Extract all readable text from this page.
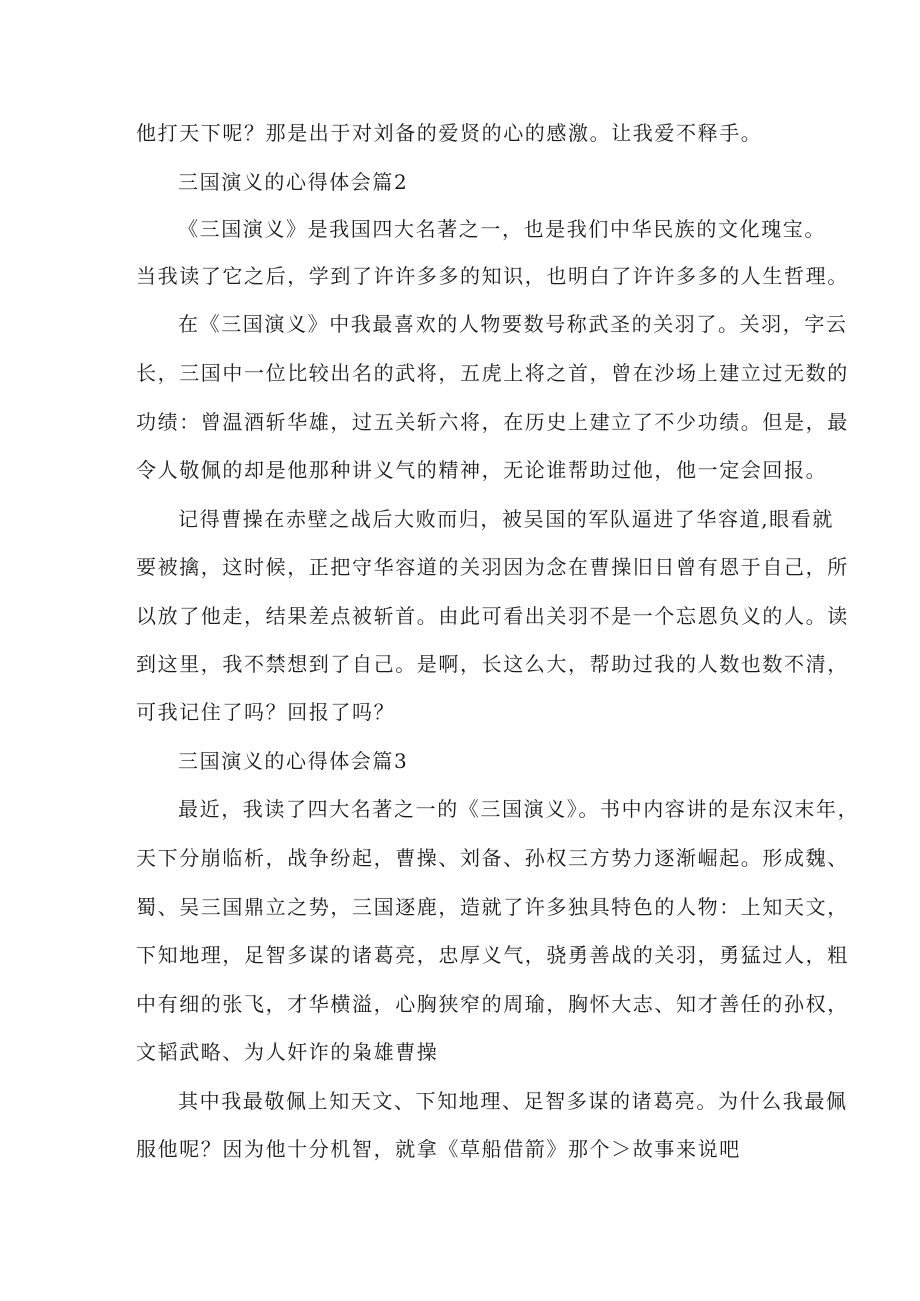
他打天下呢？那是出于对刘备的爱贤的心的感激。让我爱不释手。
三国演义的心得体会篇2
《三国演义》是我国四大名著之一，也是我们中华民族的文化瑰宝。
当我读了它之后，学到了许许多多的知识，也明白了许许多多的人生哲理。
在《三国演义》中我最喜欢的人物要数号称武圣的关羽了。关羽，字云
长，三国中一位比较出名的武将，五虎上将之首，曾在沙场上建立过无数的
功绩：曾温酒斩华雄，过五关斩六将，在历史上建立了不少功绩。但是，最
令人敬佩的却是他那种讲义气的精神，无论谁帮助过他，他一定会回报。
记得曹操在赤壁之战后大败而归，被吴国的军队逼进了华容道,眼看就
要被擒，这时候，正把守华容道的关羽因为念在曹操旧日曾有恩于自己，所
以放了他走，结果差点被斩首。由此可看出关羽不是一个忘恩负义的人。读
到这里，我不禁想到了自己。是啊，长这么大，帮助过我的人数也数不清，
可我记住了吗？回报了吗？
三国演义的心得体会篇3
最近，我读了四大名著之一的《三国演义》。书中内容讲的是东汉末年，
天下分崩临析，战争纷起，曹操、刘备、孙权三方势力逐渐崛起。形成魏、
蜀、吴三国鼎立之势，三国逐鹿，造就了许多独具特色的人物：上知天文，
下知地理，足智多谋的诸葛亮，忠厚义气，骁勇善战的关羽，勇猛过人，粗
中有细的张飞，才华横溢，心胸狭窄的周瑜，胸怀大志、知才善任的孙权，
文韬武略、为人奸诈的枭雄曹操
其中我最敬佩上知天文、下知地理、足智多谋的诸葛亮。为什么我最佩
服他呢？因为他十分机智，就拿《草船借箭》那个＞故事来说吧
